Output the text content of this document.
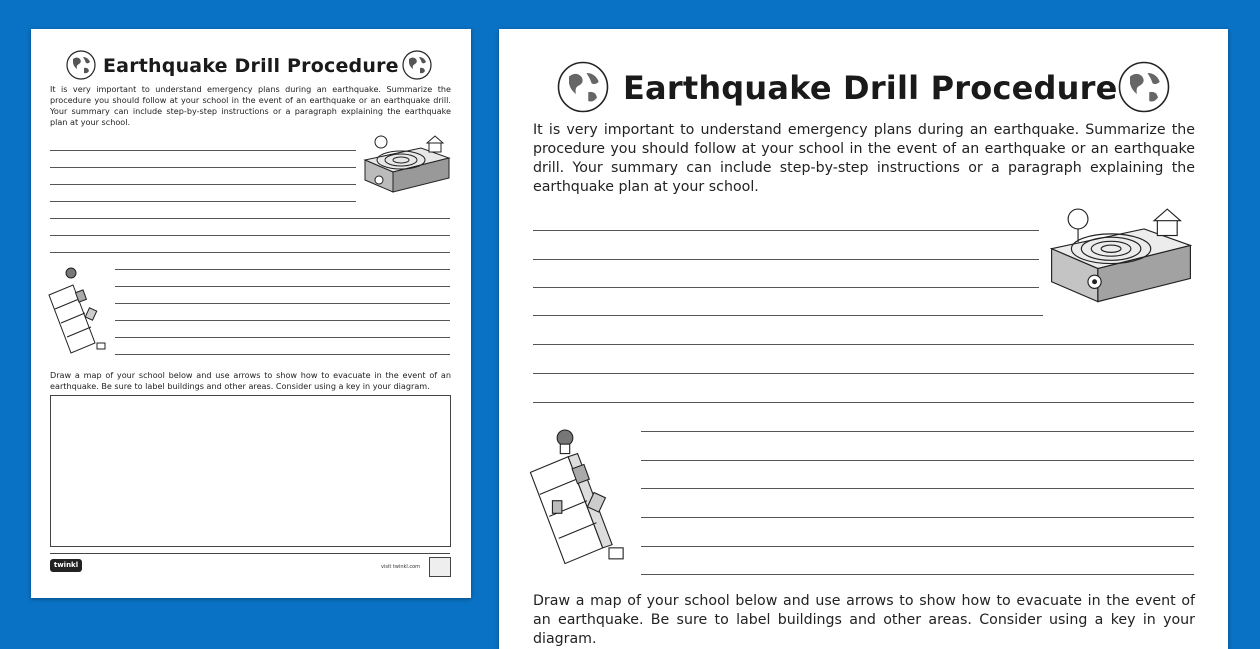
Earthquake Drill Procedure

It is very important to understand emergency plans during an earthquake. Summarize the procedure you should follow at your school in the event of an earthquake or an earthquake drill. Your summary can include step-by-step instructions or a paragraph explaining the earthquake plan at your school.

Draw a map of your school below and use arrows to show how to evacuate in the event of an earthquake. Be sure to label buildings and other areas. Consider using a key in your diagram.

twinkl	visit twinkl.com
Earthquake Drill Procedure

It is very important to understand emergency plans during an earthquake. Summarize the procedure you should follow at your school in the event of an earthquake or an earthquake drill. Your summary can include step-by-step instructions or a paragraph explaining the earthquake plan at your school.

Draw a map of your school below and use arrows to show how to evacuate in the event of an earthquake. Be sure to label buildings and other areas. Consider using a key in your diagram.
